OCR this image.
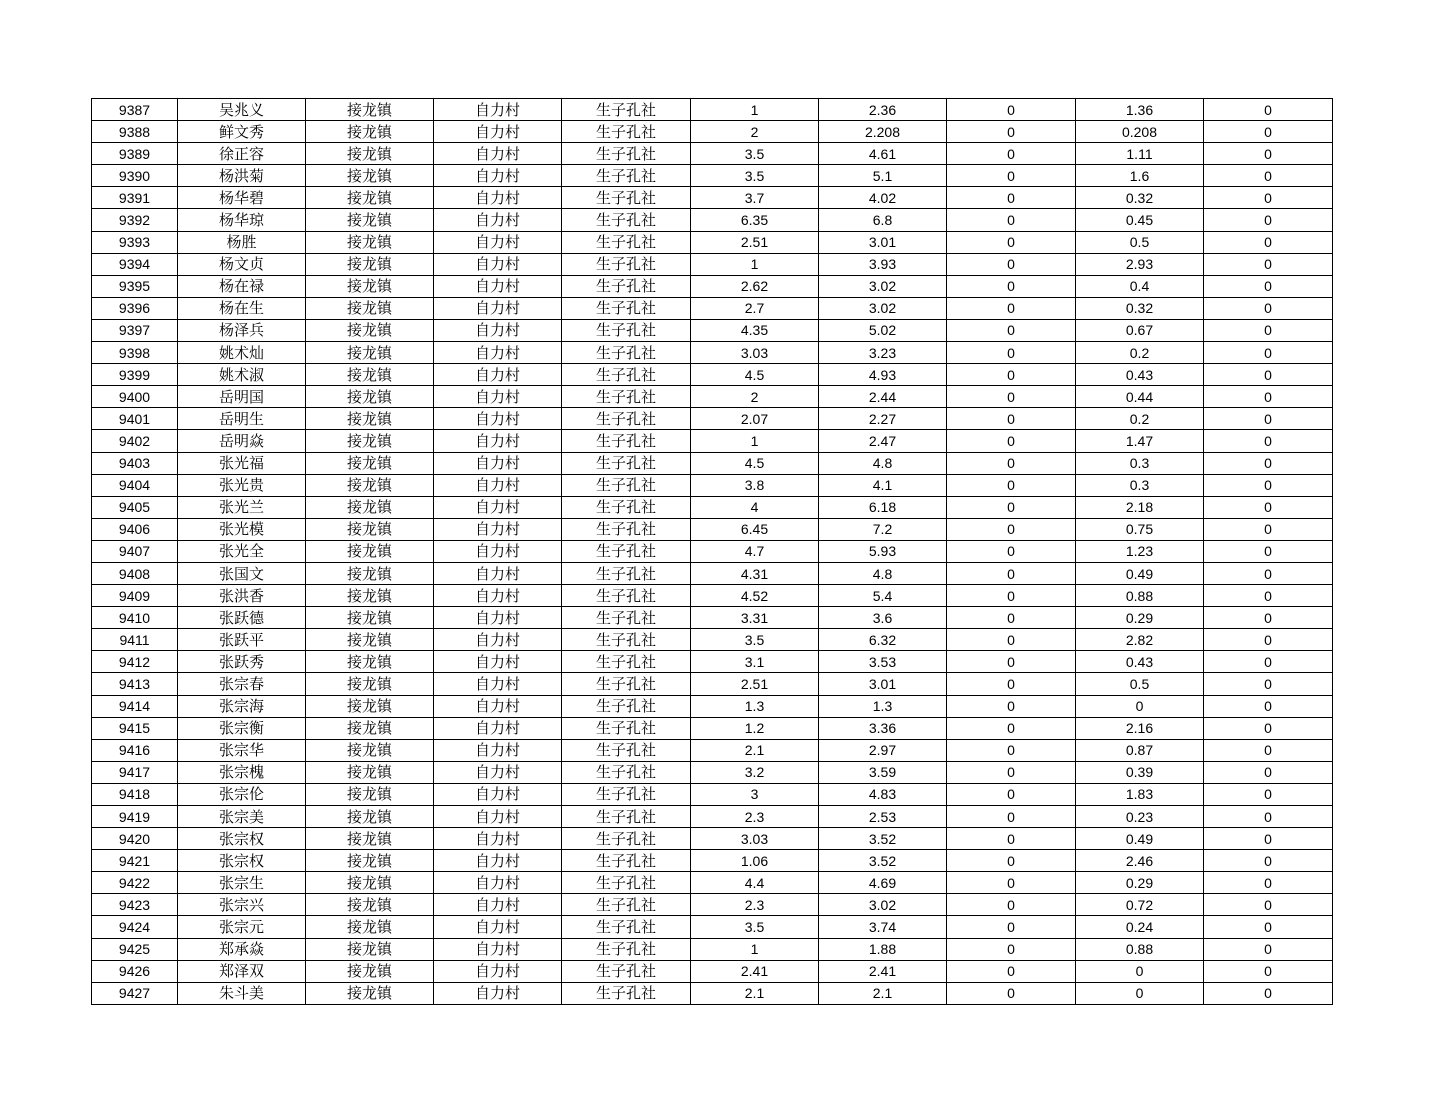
9387	吴兆义	接龙镇	自力村	生子孔社	1	2.36	0	1.36	0
9388	鲜文秀	接龙镇	自力村	生子孔社	2	2.208	0	0.208	0
9389	徐正容	接龙镇	自力村	生子孔社	3.5	4.61	0	1.11	0
9390	杨洪菊	接龙镇	自力村	生子孔社	3.5	5.1	0	1.6	0
9391	杨华碧	接龙镇	自力村	生子孔社	3.7	4.02	0	0.32	0
9392	杨华琼	接龙镇	自力村	生子孔社	6.35	6.8	0	0.45	0
9393	杨胜	接龙镇	自力村	生子孔社	2.51	3.01	0	0.5	0
9394	杨文贞	接龙镇	自力村	生子孔社	1	3.93	0	2.93	0
9395	杨在禄	接龙镇	自力村	生子孔社	2.62	3.02	0	0.4	0
9396	杨在生	接龙镇	自力村	生子孔社	2.7	3.02	0	0.32	0
9397	杨泽兵	接龙镇	自力村	生子孔社	4.35	5.02	0	0.67	0
9398	姚术灿	接龙镇	自力村	生子孔社	3.03	3.23	0	0.2	0
9399	姚术淑	接龙镇	自力村	生子孔社	4.5	4.93	0	0.43	0
9400	岳明国	接龙镇	自力村	生子孔社	2	2.44	0	0.44	0
9401	岳明生	接龙镇	自力村	生子孔社	2.07	2.27	0	0.2	0
9402	岳明焱	接龙镇	自力村	生子孔社	1	2.47	0	1.47	0
9403	张光福	接龙镇	自力村	生子孔社	4.5	4.8	0	0.3	0
9404	张光贵	接龙镇	自力村	生子孔社	3.8	4.1	0	0.3	0
9405	张光兰	接龙镇	自力村	生子孔社	4	6.18	0	2.18	0
9406	张光模	接龙镇	自力村	生子孔社	6.45	7.2	0	0.75	0
9407	张光全	接龙镇	自力村	生子孔社	4.7	5.93	0	1.23	0
9408	张国文	接龙镇	自力村	生子孔社	4.31	4.8	0	0.49	0
9409	张洪香	接龙镇	自力村	生子孔社	4.52	5.4	0	0.88	0
9410	张跃德	接龙镇	自力村	生子孔社	3.31	3.6	0	0.29	0
9411	张跃平	接龙镇	自力村	生子孔社	3.5	6.32	0	2.82	0
9412	张跃秀	接龙镇	自力村	生子孔社	3.1	3.53	0	0.43	0
9413	张宗春	接龙镇	自力村	生子孔社	2.51	3.01	0	0.5	0
9414	张宗海	接龙镇	自力村	生子孔社	1.3	1.3	0	0	0
9415	张宗衡	接龙镇	自力村	生子孔社	1.2	3.36	0	2.16	0
9416	张宗华	接龙镇	自力村	生子孔社	2.1	2.97	0	0.87	0
9417	张宗槐	接龙镇	自力村	生子孔社	3.2	3.59	0	0.39	0
9418	张宗伦	接龙镇	自力村	生子孔社	3	4.83	0	1.83	0
9419	张宗美	接龙镇	自力村	生子孔社	2.3	2.53	0	0.23	0
9420	张宗权	接龙镇	自力村	生子孔社	3.03	3.52	0	0.49	0
9421	张宗权	接龙镇	自力村	生子孔社	1.06	3.52	0	2.46	0
9422	张宗生	接龙镇	自力村	生子孔社	4.4	4.69	0	0.29	0
9423	张宗兴	接龙镇	自力村	生子孔社	2.3	3.02	0	0.72	0
9424	张宗元	接龙镇	自力村	生子孔社	3.5	3.74	0	0.24	0
9425	郑承焱	接龙镇	自力村	生子孔社	1	1.88	0	0.88	0
9426	郑泽双	接龙镇	自力村	生子孔社	2.41	2.41	0	0	0
9427	朱斗美	接龙镇	自力村	生子孔社	2.1	2.1	0	0	0
